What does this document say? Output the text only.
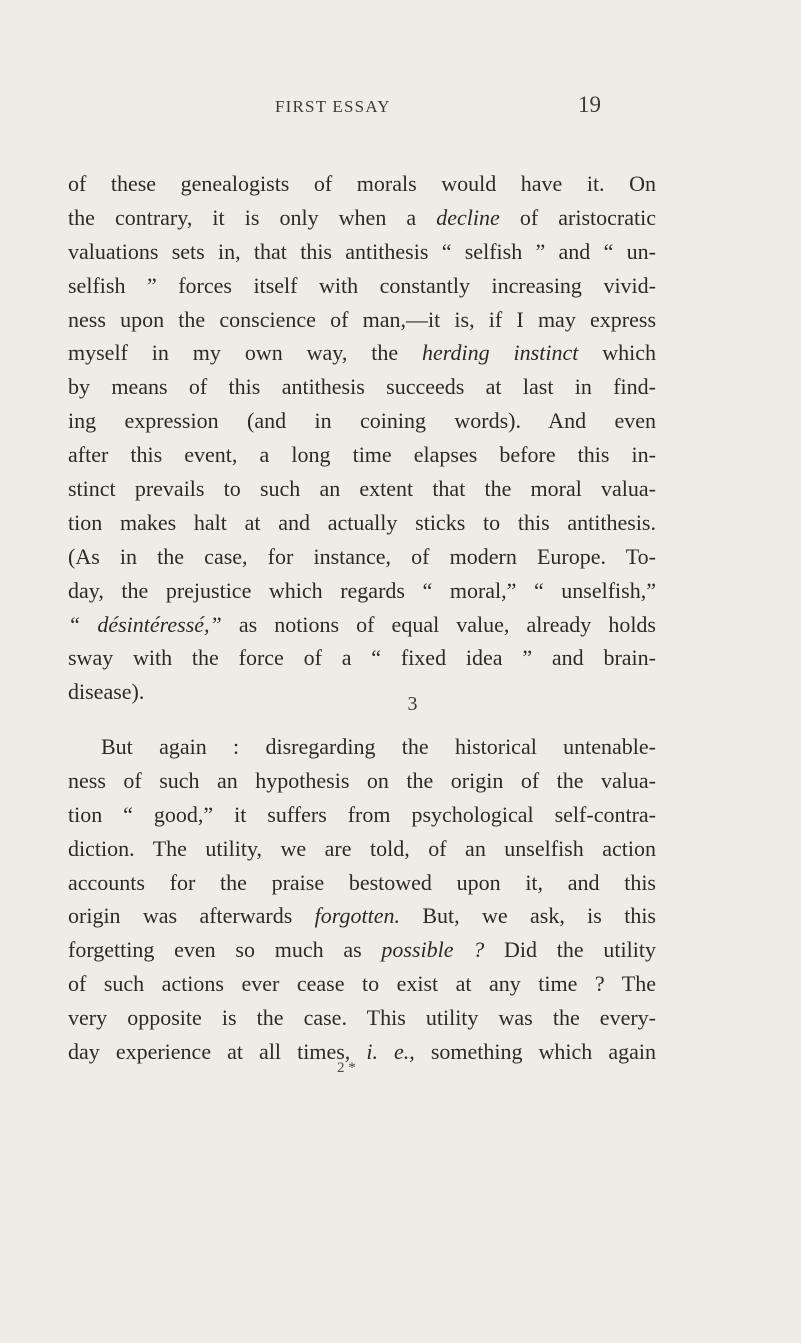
FIRST ESSAY	19
of these genealogists of morals would have it. On
the contrary, it is only when a decline of aristocratic
valuations sets in, that this antithesis “ selfish ” and “ un-
selfish ” forces itself with constantly increasing vivid-
ness upon the conscience of man,—it is, if I may express
myself in my own way, the herding instinct which
by means of this antithesis succeeds at last in find-
ing expression (and in coining words). And even
after this event, a long time elapses before this in-
stinct prevails to such an extent that the moral valua-
tion makes halt at and actually sticks to this antithesis.
(As in the case, for instance, of modern Europe. To-
day, the prejustice which regards “ moral,” “ unselfish,”
“ désintéressé,” as notions of equal value, already holds
sway with the force of a “ fixed idea ” and brain-
disease).	3
But again : disregarding the historical untenable-
ness of such an hypothesis on the origin of the valua-
tion “ good,” it suffers from psychological self-contra-
diction. The utility, we are told, of an unselfish action
accounts for the praise bestowed upon it, and this
origin was afterwards forgotten. But, we ask, is this
forgetting even so much as possible ? Did the utility
of such actions ever cease to exist at any time ? The
very opposite is the case. This utility was the every-
day experience at all times, i. e., something which again
2 *
